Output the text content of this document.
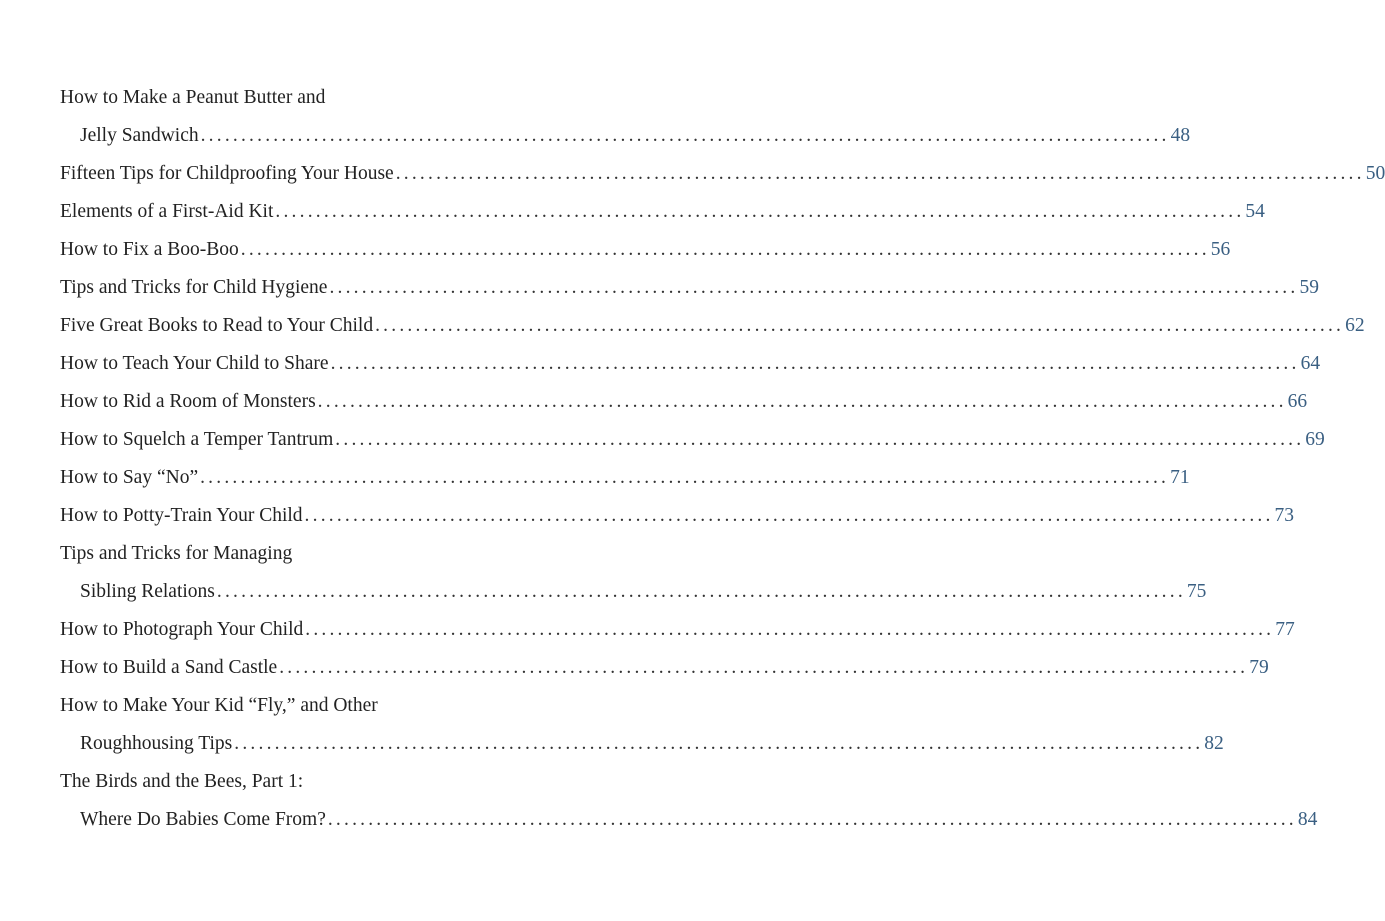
How to Make a Peanut Butter and
Jelly Sandwich ........................................................................................................................ 48
Fifteen Tips for Childproofing Your House ........................................................................................................................ 50
Elements of a First-Aid Kit ........................................................................................................................ 54
How to Fix a Boo-Boo ........................................................................................................................ 56
Tips and Tricks for Child Hygiene ........................................................................................................................ 59
Five Great Books to Read to Your Child ........................................................................................................................ 62
How to Teach Your Child to Share ........................................................................................................................ 64
How to Rid a Room of Monsters ........................................................................................................................ 66
How to Squelch a Temper Tantrum ........................................................................................................................ 69
How to Say “No” ........................................................................................................................ 71
How to Potty-Train Your Child ........................................................................................................................ 73
Tips and Tricks for Managing
Sibling Relations ........................................................................................................................ 75
How to Photograph Your Child ........................................................................................................................ 77
How to Build a Sand Castle ........................................................................................................................ 79
How to Make Your Kid “Fly,” and Other
Roughhousing Tips ........................................................................................................................ 82
The Birds and the Bees, Part 1:
Where Do Babies Come From? ........................................................................................................................ 84
